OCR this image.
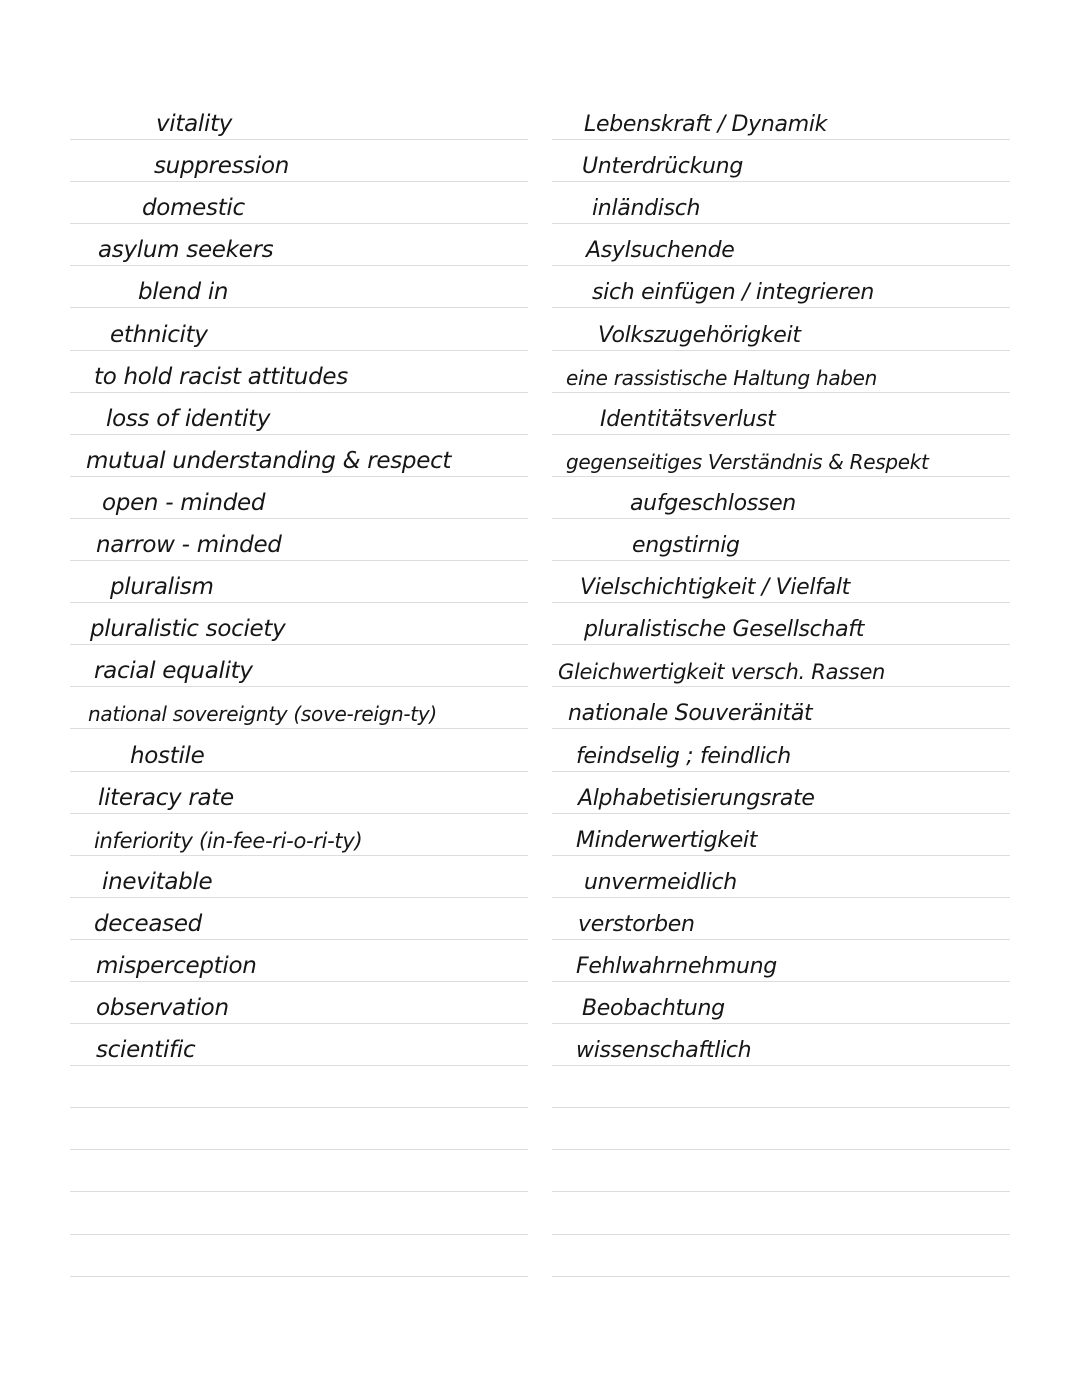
vitality
suppression
domestic
asylum seekers
blend in
ethnicity
to hold racist attitudes
loss of identity
mutual understanding & respect
open - minded
narrow - minded
pluralism
pluralistic society
racial equality
national sovereignty (sove-reign-ty)
hostile
literacy rate
inferiority (in-fee-ri-o-ri-ty)
inevitable
deceased
misperception
observation
scientific
Lebenskraft / Dynamik
Unterdrückung
inländisch
Asylsuchende
sich einfügen / integrieren
Volkszugehörigkeit
eine rassistische Haltung haben
Identitätsverlust
gegenseitiges Verständnis & Respekt
aufgeschlossen
engstirnig
Vielschichtigkeit / Vielfalt
pluralistische Gesellschaft
Gleichwertigkeit versch. Rassen
nationale Souveränität
feindselig ; feindlich
Alphabetisierungsrate
Minderwertigkeit
unvermeidlich
verstorben
Fehlwahrnehmung
Beobachtung
wissenschaftlich
